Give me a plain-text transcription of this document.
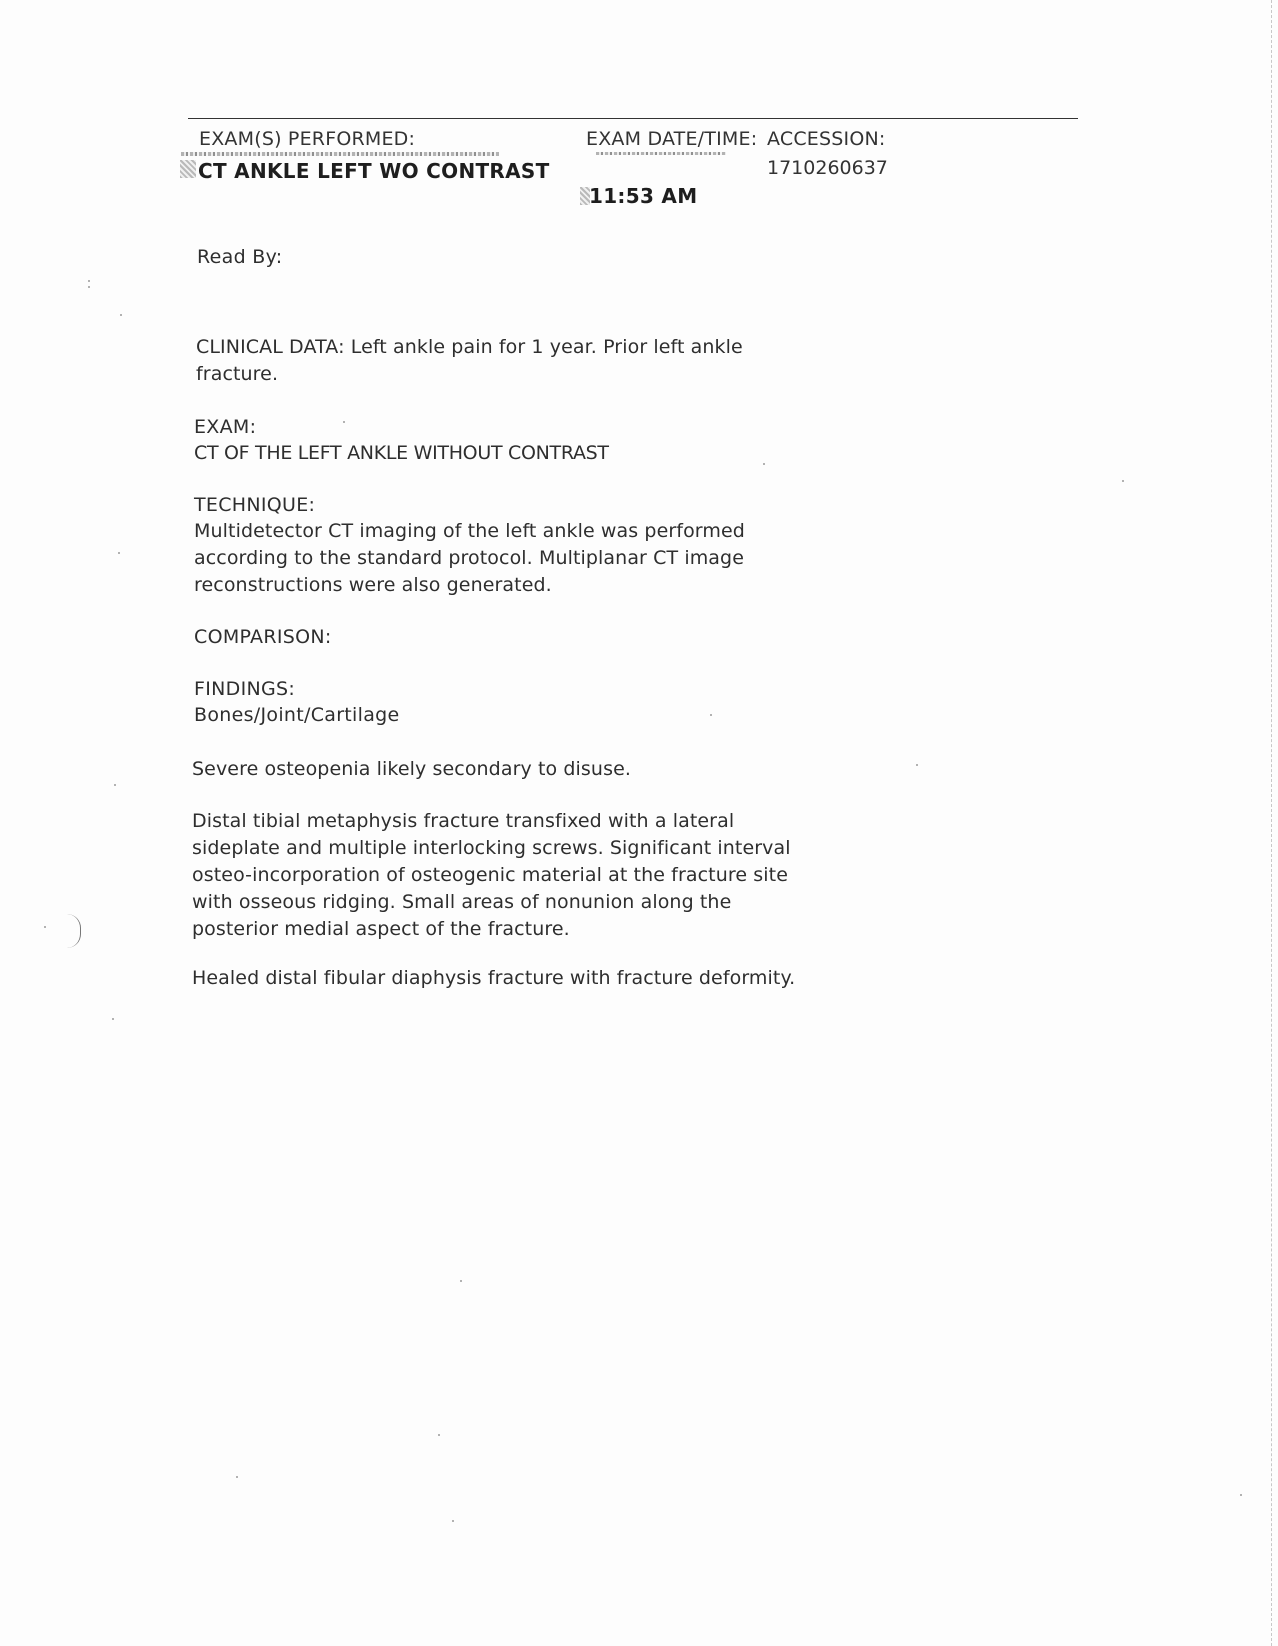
EXAM(S) PERFORMED:
CT ANKLE LEFT WO CONTRAST
EXAM DATE/TIME:
11:53 AM
ACCESSION:
1710260637
Read By:
CLINICAL DATA: Left ankle pain for 1 year. Prior left ankle fracture.
EXAM:
CT OF THE LEFT ANKLE WITHOUT CONTRAST
TECHNIQUE:
Multidetector CT imaging of the left ankle was performed according to the standard protocol. Multiplanar CT image reconstructions were also generated.
COMPARISON:
FINDINGS:
Bones/Joint/Cartilage
Severe osteopenia likely secondary to disuse.
Distal tibial metaphysis fracture transfixed with a lateral sideplate and multiple interlocking screws. Significant interval osteo-incorporation of osteogenic material at the fracture site with osseous ridging. Small areas of nonunion along the posterior medial aspect of the fracture.
Healed distal fibular diaphysis fracture with fracture deformity.
